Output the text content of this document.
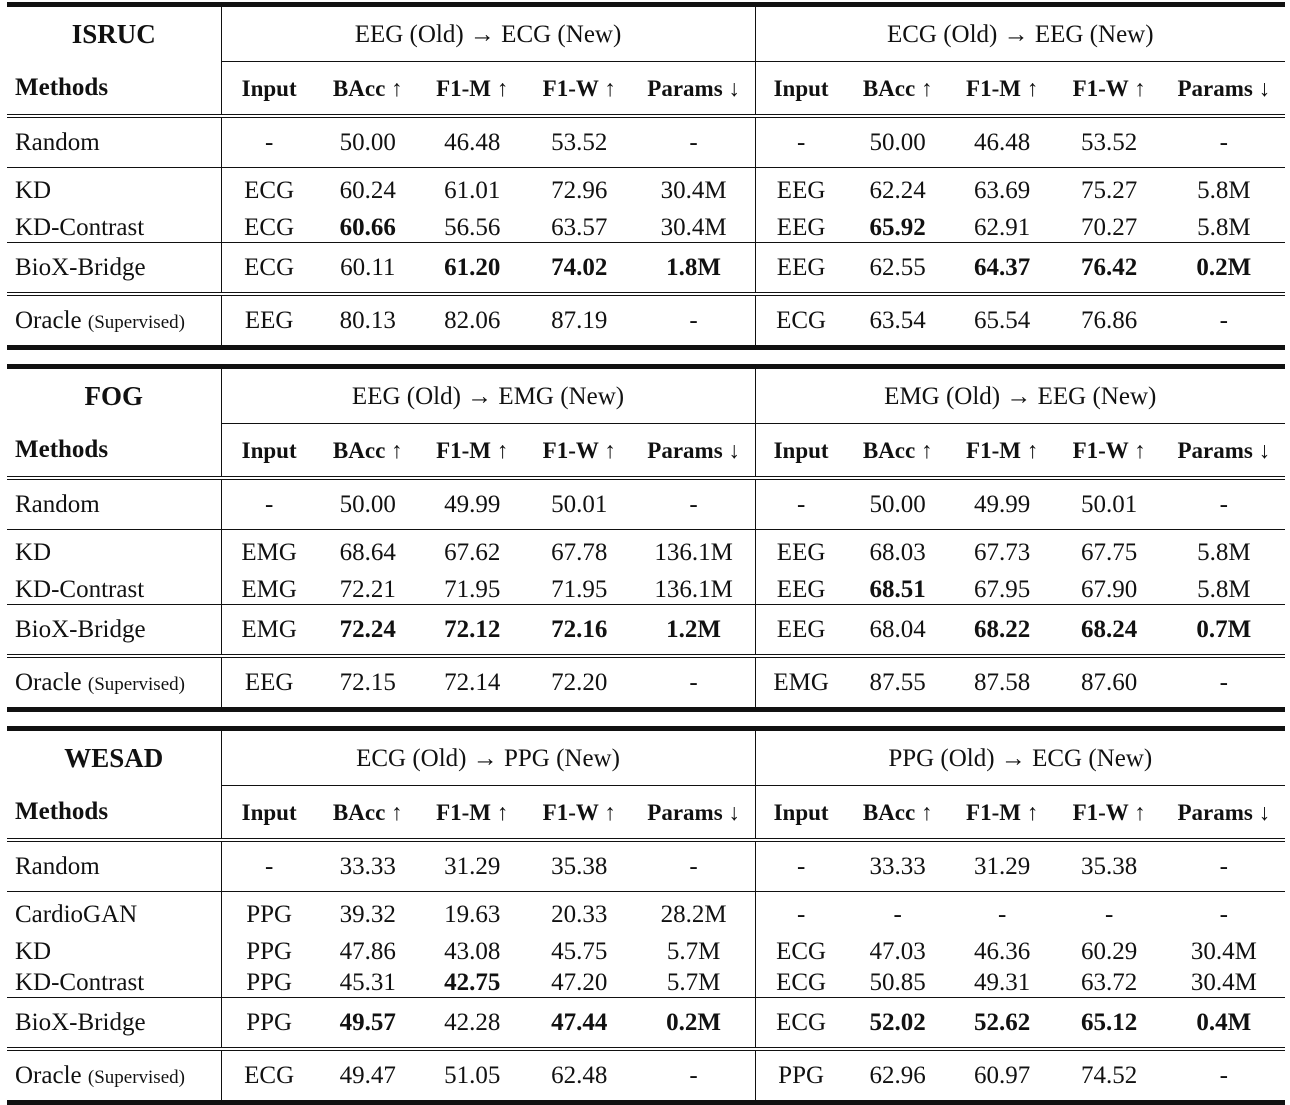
ISRUC	EEG (Old) → ECG (New)					ECG (Old) → EEG (New)				
Methods	Input	BAcc ↑	F1-M ↑	F1-W ↑	Params ↓	Input	BAcc ↑	F1-M ↑	F1-W ↑	Params ↓
Random	-	50.00	46.48	53.52	-	-	50.00	46.48	53.52	-
KD	ECG	60.24	61.01	72.96	30.4M	EEG	62.24	63.69	75.27	5.8M
KD-Contrast	ECG	60.66	56.56	63.57	30.4M	EEG	65.92	62.91	70.27	5.8M
BioX-Bridge	ECG	60.11	61.20	74.02	1.8M	EEG	62.55	64.37	76.42	0.2M
Oracle (Supervised)	EEG	80.13	82.06	87.19	-	ECG	63.54	65.54	76.86	-
FOG	EEG (Old) → EMG (New)					EMG (Old) → EEG (New)				
Methods	Input	BAcc ↑	F1-M ↑	F1-W ↑	Params ↓	Input	BAcc ↑	F1-M ↑	F1-W ↑	Params ↓
Random	-	50.00	49.99	50.01	-	-	50.00	49.99	50.01	-
KD	EMG	68.64	67.62	67.78	136.1M	EEG	68.03	67.73	67.75	5.8M
KD-Contrast	EMG	72.21	71.95	71.95	136.1M	EEG	68.51	67.95	67.90	5.8M
BioX-Bridge	EMG	72.24	72.12	72.16	1.2M	EEG	68.04	68.22	68.24	0.7M
Oracle (Supervised)	EEG	72.15	72.14	72.20	-	EMG	87.55	87.58	87.60	-
WESAD	ECG (Old) → PPG (New)					PPG (Old) → ECG (New)				
Methods	Input	BAcc ↑	F1-M ↑	F1-W ↑	Params ↓	Input	BAcc ↑	F1-M ↑	F1-W ↑	Params ↓
Random	-	33.33	31.29	35.38	-	-	33.33	31.29	35.38	-
CardioGAN	PPG	39.32	19.63	20.33	28.2M	-	-	-	-	-
KD	PPG	47.86	43.08	45.75	5.7M	ECG	47.03	46.36	60.29	30.4M
KD-Contrast	PPG	45.31	42.75	47.20	5.7M	ECG	50.85	49.31	63.72	30.4M
BioX-Bridge	PPG	49.57	42.28	47.44	0.2M	ECG	52.02	52.62	65.12	0.4M
Oracle (Supervised)	ECG	49.47	51.05	62.48	-	PPG	62.96	60.97	74.52	-
